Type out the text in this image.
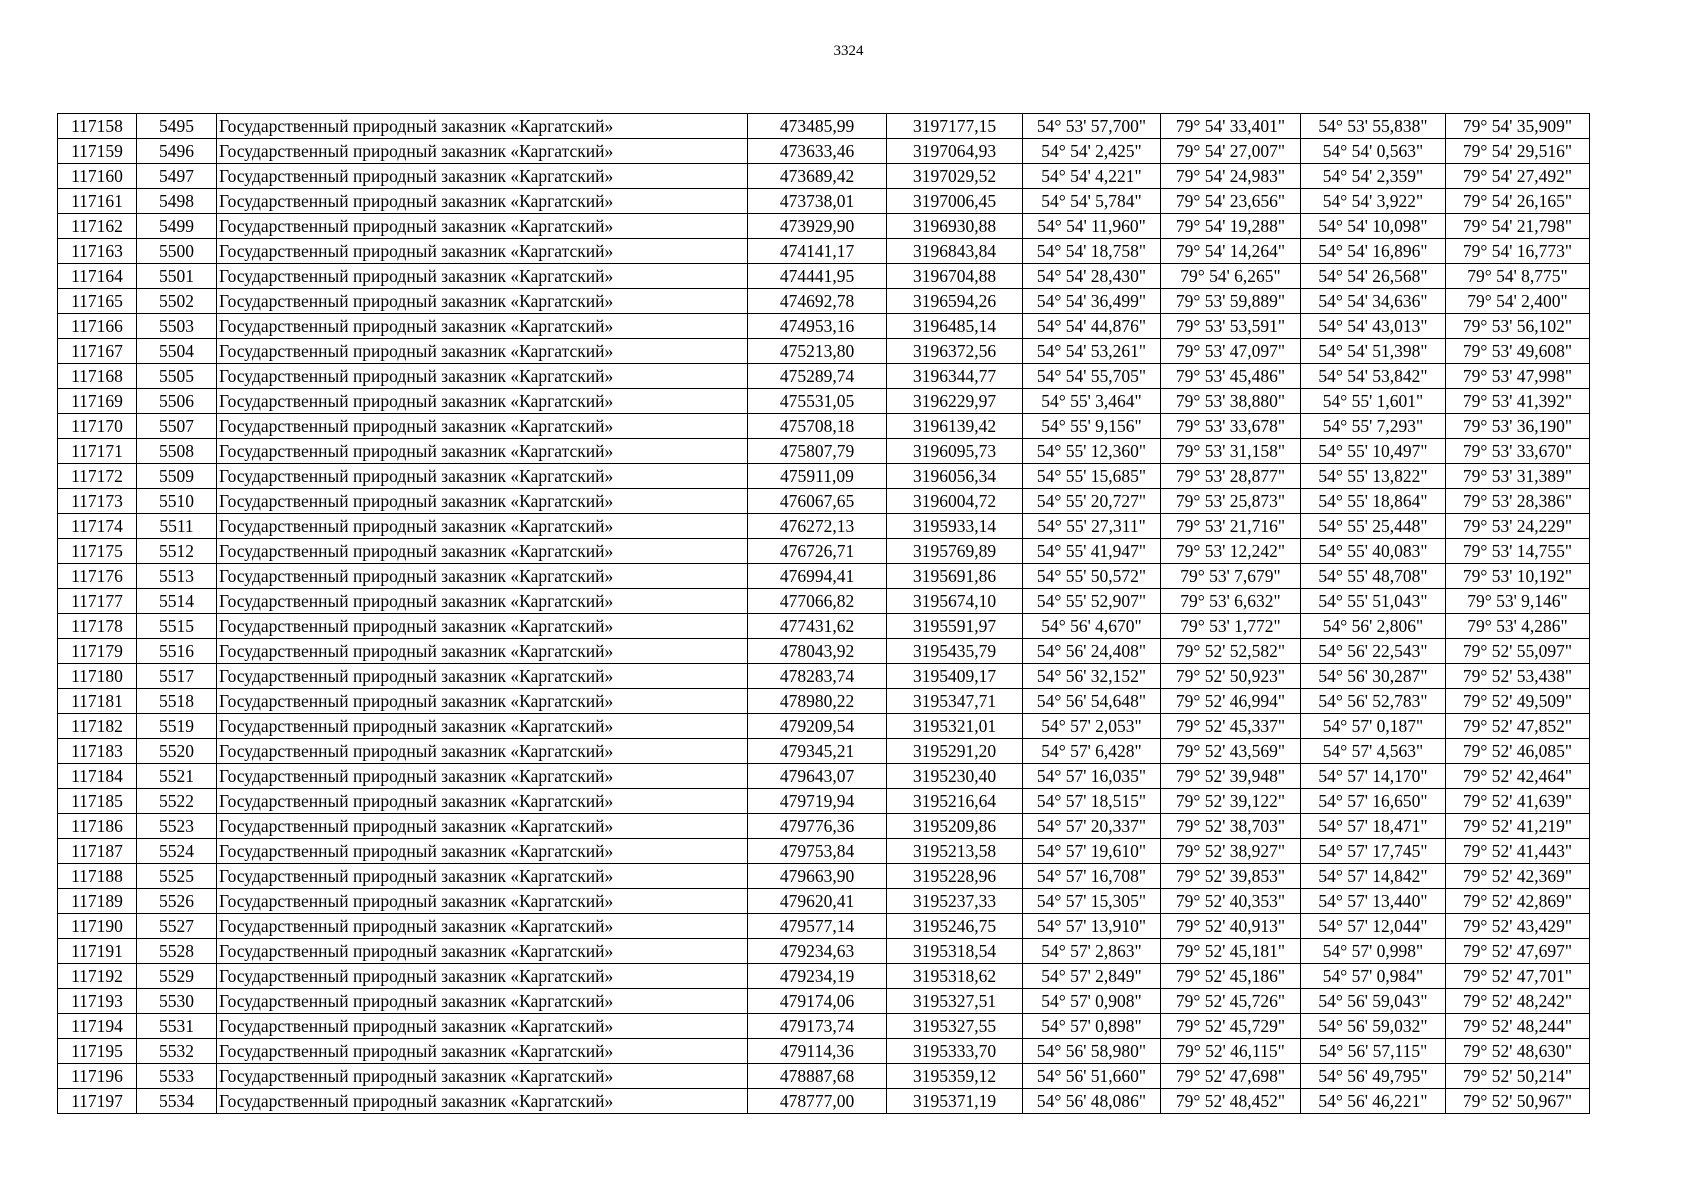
3324
117158	5495	Государственный природный заказник «Каргатский»	473485,99	3197177,15	54° 53' 57,700"	79° 54' 33,401"	54° 53' 55,838"	79° 54' 35,909"
117159	5496	Государственный природный заказник «Каргатский»	473633,46	3197064,93	54° 54' 2,425"	79° 54' 27,007"	54° 54' 0,563"	79° 54' 29,516"
117160	5497	Государственный природный заказник «Каргатский»	473689,42	3197029,52	54° 54' 4,221"	79° 54' 24,983"	54° 54' 2,359"	79° 54' 27,492"
117161	5498	Государственный природный заказник «Каргатский»	473738,01	3197006,45	54° 54' 5,784"	79° 54' 23,656"	54° 54' 3,922"	79° 54' 26,165"
117162	5499	Государственный природный заказник «Каргатский»	473929,90	3196930,88	54° 54' 11,960"	79° 54' 19,288"	54° 54' 10,098"	79° 54' 21,798"
117163	5500	Государственный природный заказник «Каргатский»	474141,17	3196843,84	54° 54' 18,758"	79° 54' 14,264"	54° 54' 16,896"	79° 54' 16,773"
117164	5501	Государственный природный заказник «Каргатский»	474441,95	3196704,88	54° 54' 28,430"	79° 54' 6,265"	54° 54' 26,568"	79° 54' 8,775"
117165	5502	Государственный природный заказник «Каргатский»	474692,78	3196594,26	54° 54' 36,499"	79° 53' 59,889"	54° 54' 34,636"	79° 54' 2,400"
117166	5503	Государственный природный заказник «Каргатский»	474953,16	3196485,14	54° 54' 44,876"	79° 53' 53,591"	54° 54' 43,013"	79° 53' 56,102"
117167	5504	Государственный природный заказник «Каргатский»	475213,80	3196372,56	54° 54' 53,261"	79° 53' 47,097"	54° 54' 51,398"	79° 53' 49,608"
117168	5505	Государственный природный заказник «Каргатский»	475289,74	3196344,77	54° 54' 55,705"	79° 53' 45,486"	54° 54' 53,842"	79° 53' 47,998"
117169	5506	Государственный природный заказник «Каргатский»	475531,05	3196229,97	54° 55' 3,464"	79° 53' 38,880"	54° 55' 1,601"	79° 53' 41,392"
117170	5507	Государственный природный заказник «Каргатский»	475708,18	3196139,42	54° 55' 9,156"	79° 53' 33,678"	54° 55' 7,293"	79° 53' 36,190"
117171	5508	Государственный природный заказник «Каргатский»	475807,79	3196095,73	54° 55' 12,360"	79° 53' 31,158"	54° 55' 10,497"	79° 53' 33,670"
117172	5509	Государственный природный заказник «Каргатский»	475911,09	3196056,34	54° 55' 15,685"	79° 53' 28,877"	54° 55' 13,822"	79° 53' 31,389"
117173	5510	Государственный природный заказник «Каргатский»	476067,65	3196004,72	54° 55' 20,727"	79° 53' 25,873"	54° 55' 18,864"	79° 53' 28,386"
117174	5511	Государственный природный заказник «Каргатский»	476272,13	3195933,14	54° 55' 27,311"	79° 53' 21,716"	54° 55' 25,448"	79° 53' 24,229"
117175	5512	Государственный природный заказник «Каргатский»	476726,71	3195769,89	54° 55' 41,947"	79° 53' 12,242"	54° 55' 40,083"	79° 53' 14,755"
117176	5513	Государственный природный заказник «Каргатский»	476994,41	3195691,86	54° 55' 50,572"	79° 53' 7,679"	54° 55' 48,708"	79° 53' 10,192"
117177	5514	Государственный природный заказник «Каргатский»	477066,82	3195674,10	54° 55' 52,907"	79° 53' 6,632"	54° 55' 51,043"	79° 53' 9,146"
117178	5515	Государственный природный заказник «Каргатский»	477431,62	3195591,97	54° 56' 4,670"	79° 53' 1,772"	54° 56' 2,806"	79° 53' 4,286"
117179	5516	Государственный природный заказник «Каргатский»	478043,92	3195435,79	54° 56' 24,408"	79° 52' 52,582"	54° 56' 22,543"	79° 52' 55,097"
117180	5517	Государственный природный заказник «Каргатский»	478283,74	3195409,17	54° 56' 32,152"	79° 52' 50,923"	54° 56' 30,287"	79° 52' 53,438"
117181	5518	Государственный природный заказник «Каргатский»	478980,22	3195347,71	54° 56' 54,648"	79° 52' 46,994"	54° 56' 52,783"	79° 52' 49,509"
117182	5519	Государственный природный заказник «Каргатский»	479209,54	3195321,01	54° 57' 2,053"	79° 52' 45,337"	54° 57' 0,187"	79° 52' 47,852"
117183	5520	Государственный природный заказник «Каргатский»	479345,21	3195291,20	54° 57' 6,428"	79° 52' 43,569"	54° 57' 4,563"	79° 52' 46,085"
117184	5521	Государственный природный заказник «Каргатский»	479643,07	3195230,40	54° 57' 16,035"	79° 52' 39,948"	54° 57' 14,170"	79° 52' 42,464"
117185	5522	Государственный природный заказник «Каргатский»	479719,94	3195216,64	54° 57' 18,515"	79° 52' 39,122"	54° 57' 16,650"	79° 52' 41,639"
117186	5523	Государственный природный заказник «Каргатский»	479776,36	3195209,86	54° 57' 20,337"	79° 52' 38,703"	54° 57' 18,471"	79° 52' 41,219"
117187	5524	Государственный природный заказник «Каргатский»	479753,84	3195213,58	54° 57' 19,610"	79° 52' 38,927"	54° 57' 17,745"	79° 52' 41,443"
117188	5525	Государственный природный заказник «Каргатский»	479663,90	3195228,96	54° 57' 16,708"	79° 52' 39,853"	54° 57' 14,842"	79° 52' 42,369"
117189	5526	Государственный природный заказник «Каргатский»	479620,41	3195237,33	54° 57' 15,305"	79° 52' 40,353"	54° 57' 13,440"	79° 52' 42,869"
117190	5527	Государственный природный заказник «Каргатский»	479577,14	3195246,75	54° 57' 13,910"	79° 52' 40,913"	54° 57' 12,044"	79° 52' 43,429"
117191	5528	Государственный природный заказник «Каргатский»	479234,63	3195318,54	54° 57' 2,863"	79° 52' 45,181"	54° 57' 0,998"	79° 52' 47,697"
117192	5529	Государственный природный заказник «Каргатский»	479234,19	3195318,62	54° 57' 2,849"	79° 52' 45,186"	54° 57' 0,984"	79° 52' 47,701"
117193	5530	Государственный природный заказник «Каргатский»	479174,06	3195327,51	54° 57' 0,908"	79° 52' 45,726"	54° 56' 59,043"	79° 52' 48,242"
117194	5531	Государственный природный заказник «Каргатский»	479173,74	3195327,55	54° 57' 0,898"	79° 52' 45,729"	54° 56' 59,032"	79° 52' 48,244"
117195	5532	Государственный природный заказник «Каргатский»	479114,36	3195333,70	54° 56' 58,980"	79° 52' 46,115"	54° 56' 57,115"	79° 52' 48,630"
117196	5533	Государственный природный заказник «Каргатский»	478887,68	3195359,12	54° 56' 51,660"	79° 52' 47,698"	54° 56' 49,795"	79° 52' 50,214"
117197	5534	Государственный природный заказник «Каргатский»	478777,00	3195371,19	54° 56' 48,086"	79° 52' 48,452"	54° 56' 46,221"	79° 52' 50,967"
